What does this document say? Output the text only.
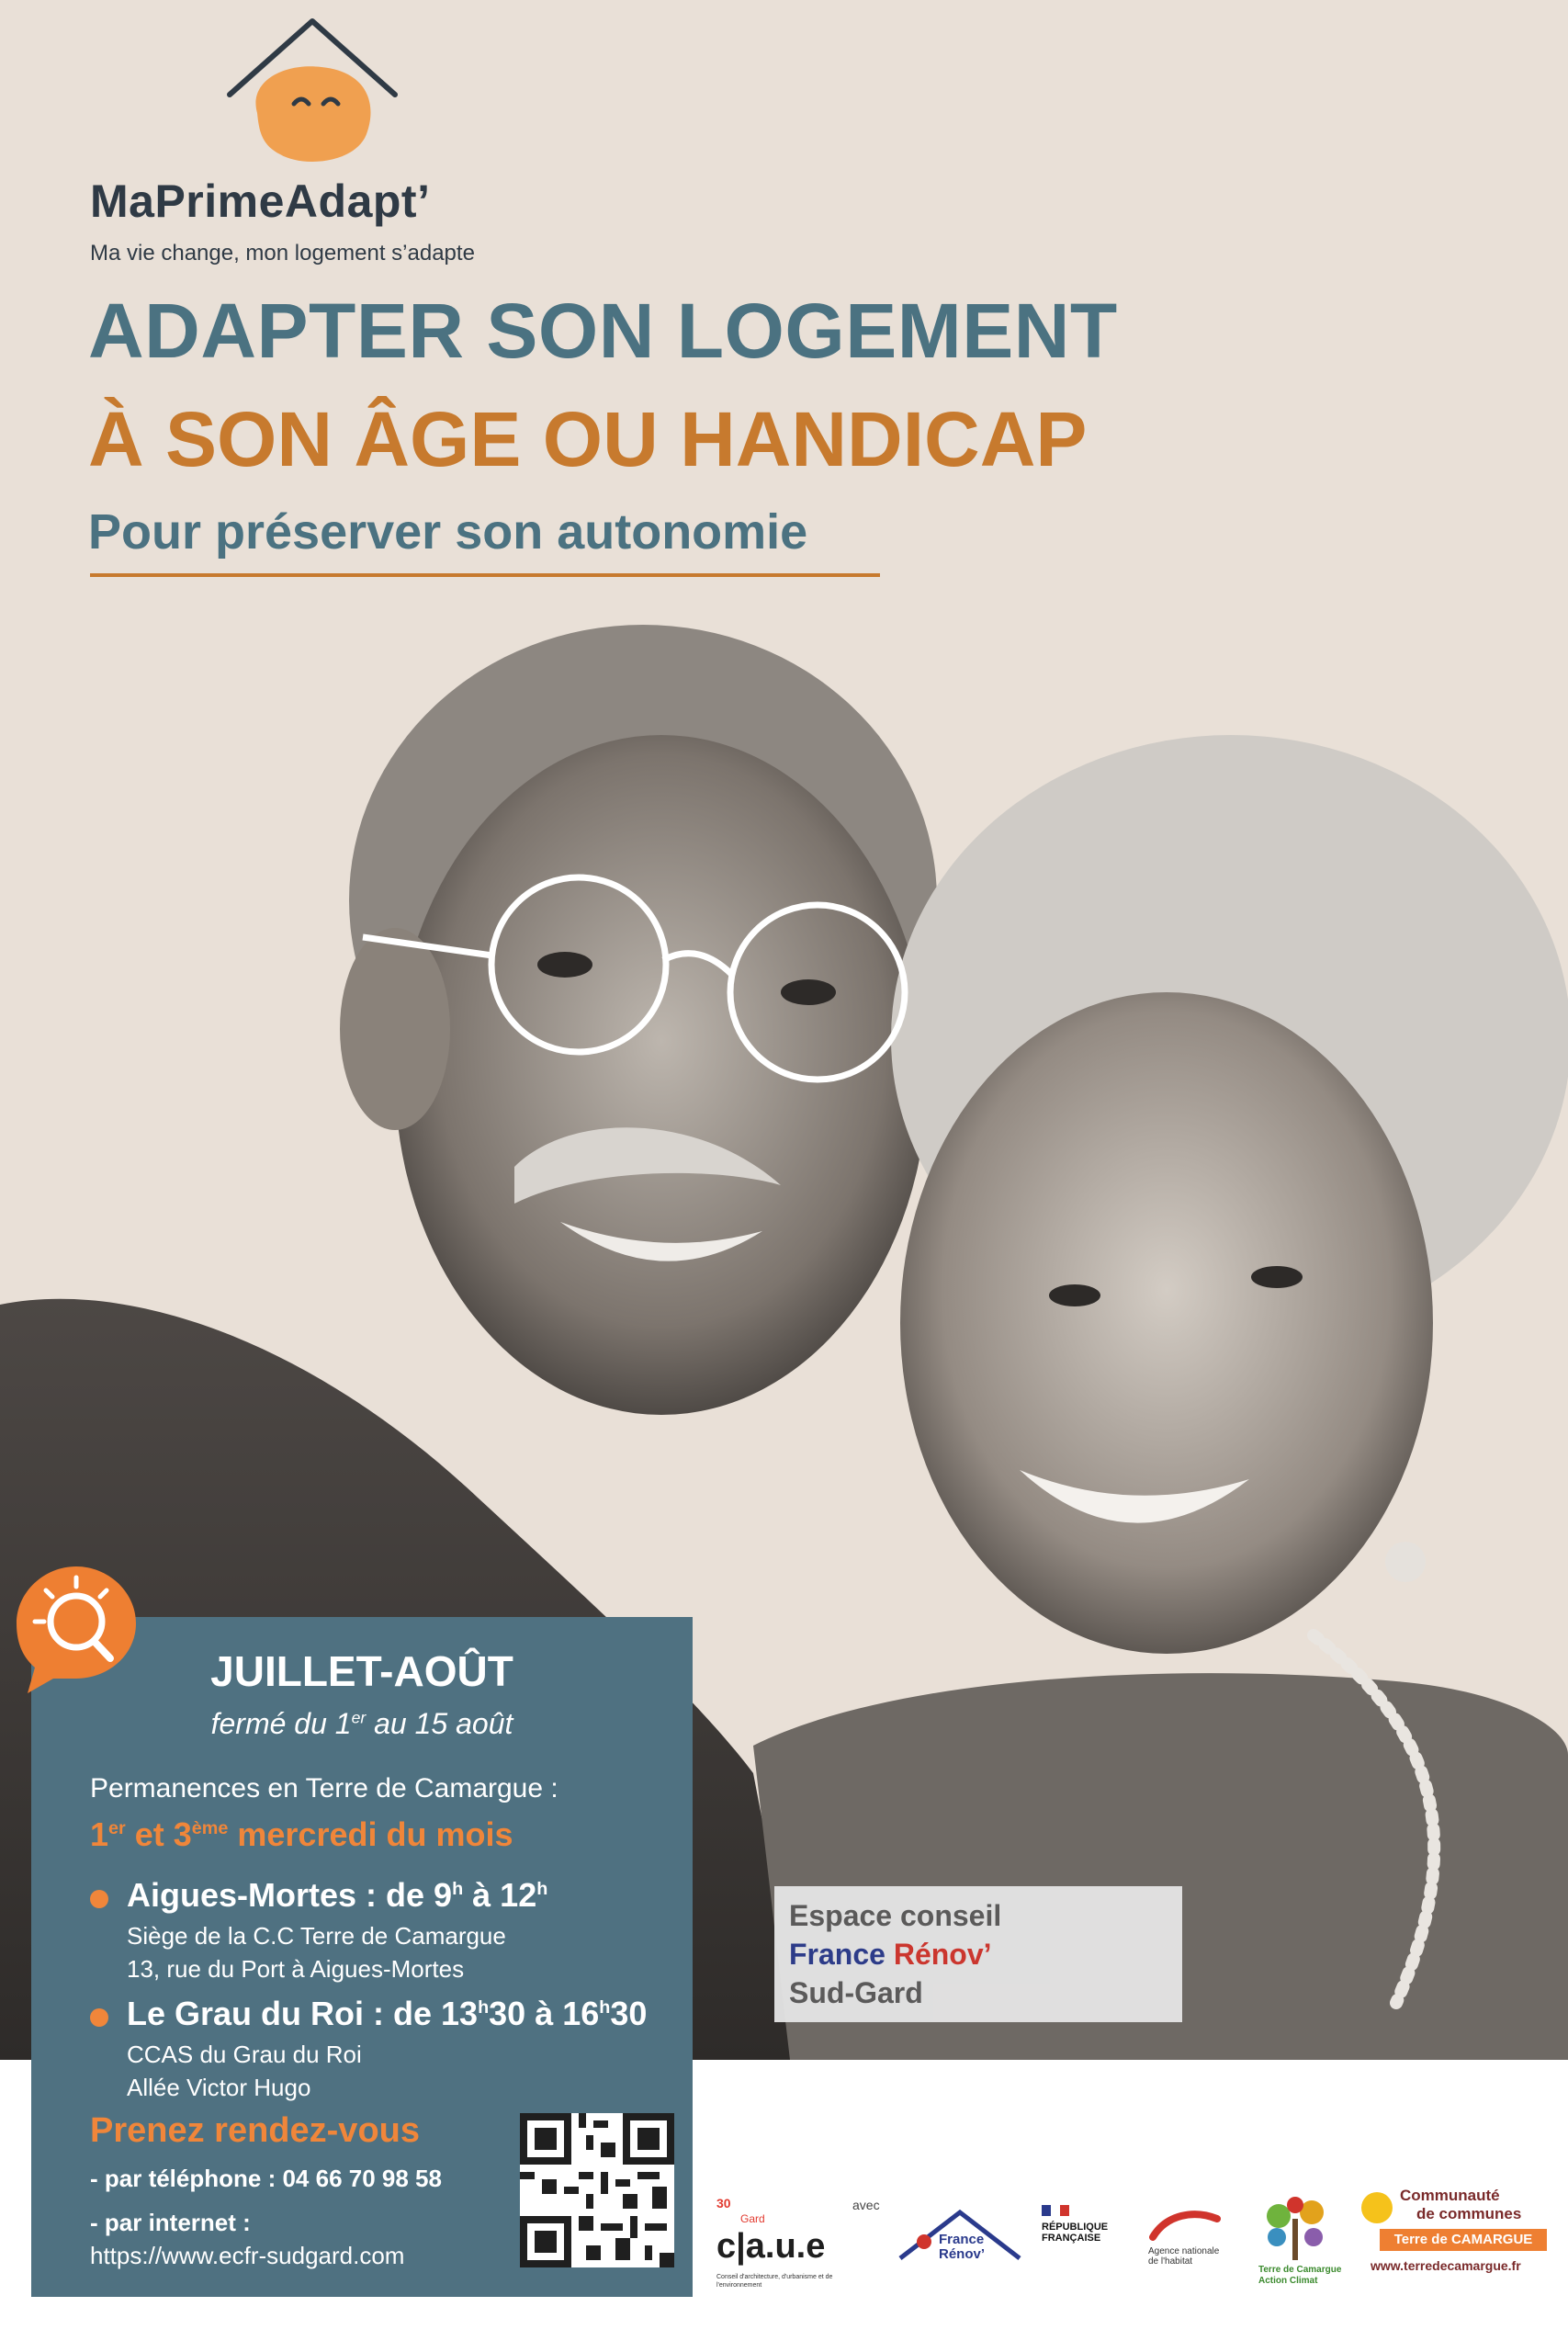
MaPrimeAdapt’
Ma vie change, mon logement s’adapte
ADAPTER SON LOGEMENT
À SON ÂGE OU HANDICAP
Pour préserver son autonomie
JUILLET-AOÛT
fermé du 1er au 15 août
Permanences en Terre de Camargue :
1er et 3ème mercredi du mois
Aigues-Mortes : de 9$^h$ à 12$^h$
Siège de la C.C Terre de Camargue
13, rue du Port à Aigues-Mortes
Le Grau du Roi : de 13$^h$30 à 16$^h$30
CCAS du Grau du Roi
Allée Victor Hugo
Prenez rendez-vous
- par téléphone : 04 66 70 98 58
- par internet :
https://www.ecfr-sudgard.com
Espace conseil
France Rénov’
Sud-Gard
30
Gard
c|a.u.e
Conseil d'architecture, d'urbanisme et de l'environnement
avec
France Rénov’
RÉPUBLIQUE FRANÇAISE
Agence nationale de l'habitat
Terre de Camargue Action Climat
Communauté
de communes
Terre de CAMARGUE
www.terredecamargue.fr
